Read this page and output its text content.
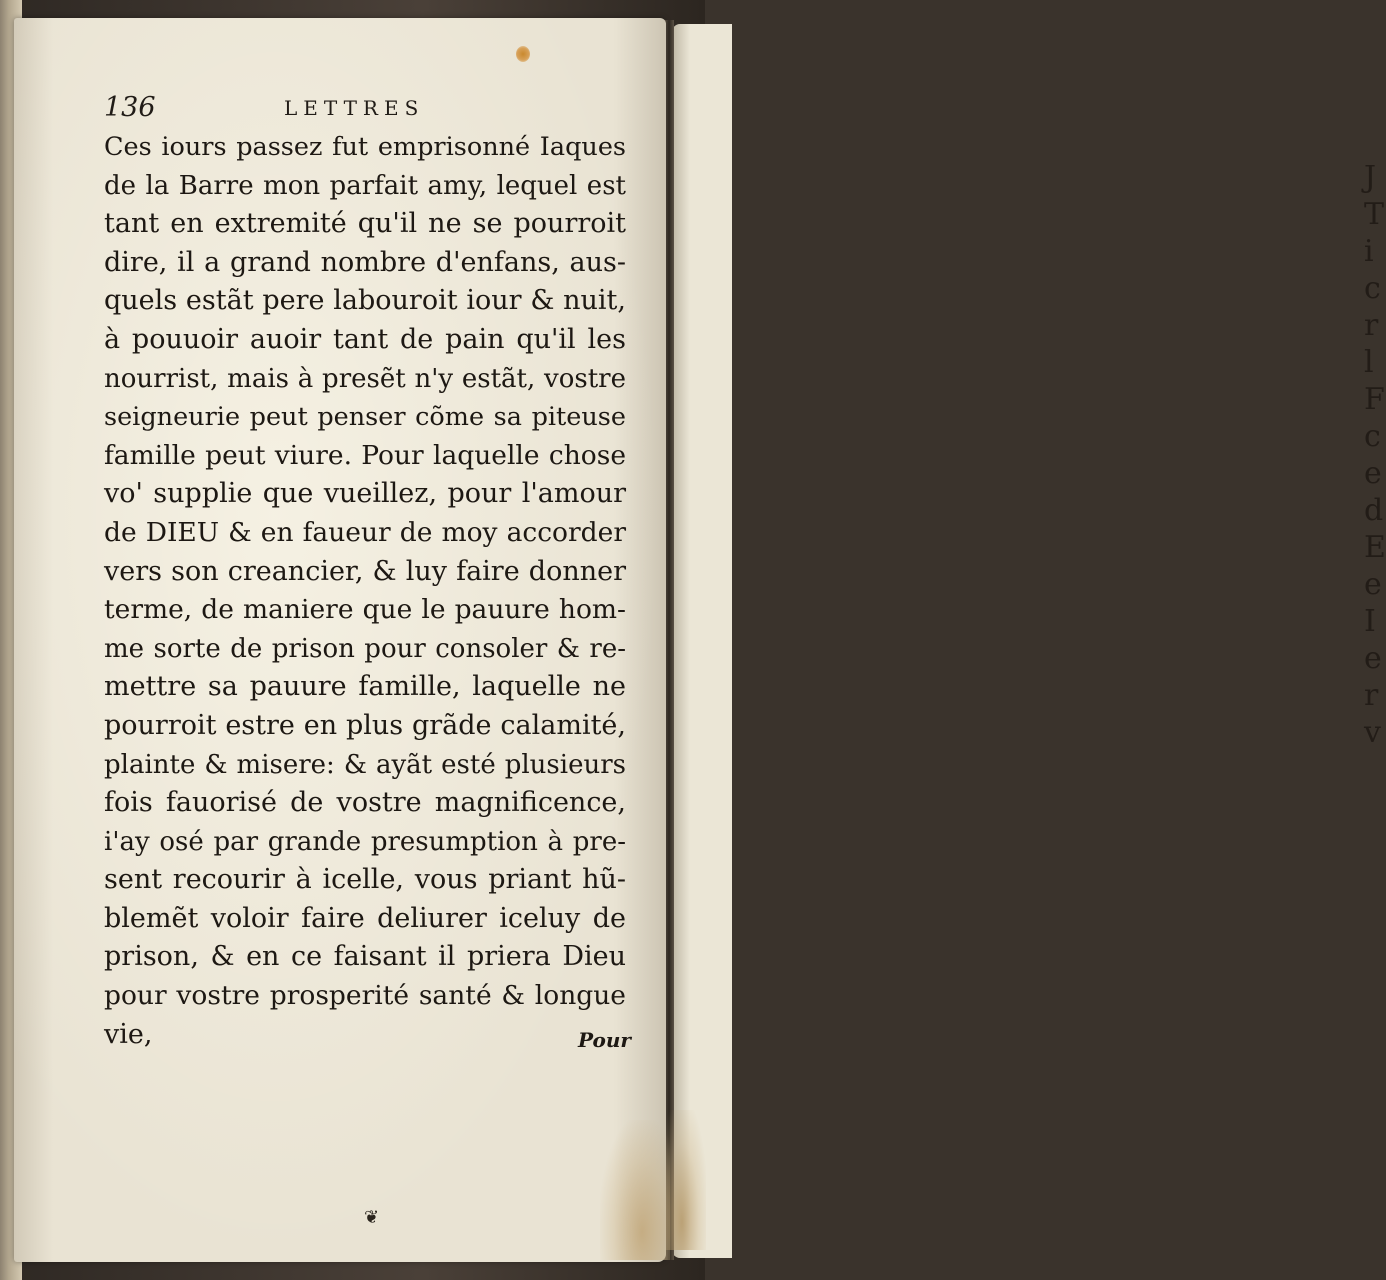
J
T
i
c
r
l
F
c
e
d
E
e
I
e
r
v
136	LETTRES
Ces iours passez fut emprisonné Iaques
de la Barre mon parfait amy, lequel est
tant en extremité qu'il ne se pourroit
dire, il a grand nombre d'enfans, aus-
quels estãt pere labouroit iour & nuit,
à pouuoir auoir tant de pain qu'il les
nourrist, mais à presẽt n'y estãt, vostre
seigneurie peut penser cõme sa piteuse
famille peut viure. Pour laquelle chose
vo' supplie que vueillez, pour l'amour
de DIEU & en faueur de moy accorder
vers son creancier, & luy faire donner
terme, de maniere que le pauure hom-
me sorte de prison pour consoler & re-
mettre sa pauure famille, laquelle ne
pourroit estre en plus grãde calamité,
plainte & misere: & ayãt esté plusieurs
fois fauorisé de vostre magnificence,
i'ay osé par grande presumption à pre-
sent recourir à icelle, vous priant hũ-
blemẽt voloir faire deliurer iceluy de
prison, & en ce faisant il priera Dieu
pour vostre prosperité santé & longue
vie,	Pour
❦
